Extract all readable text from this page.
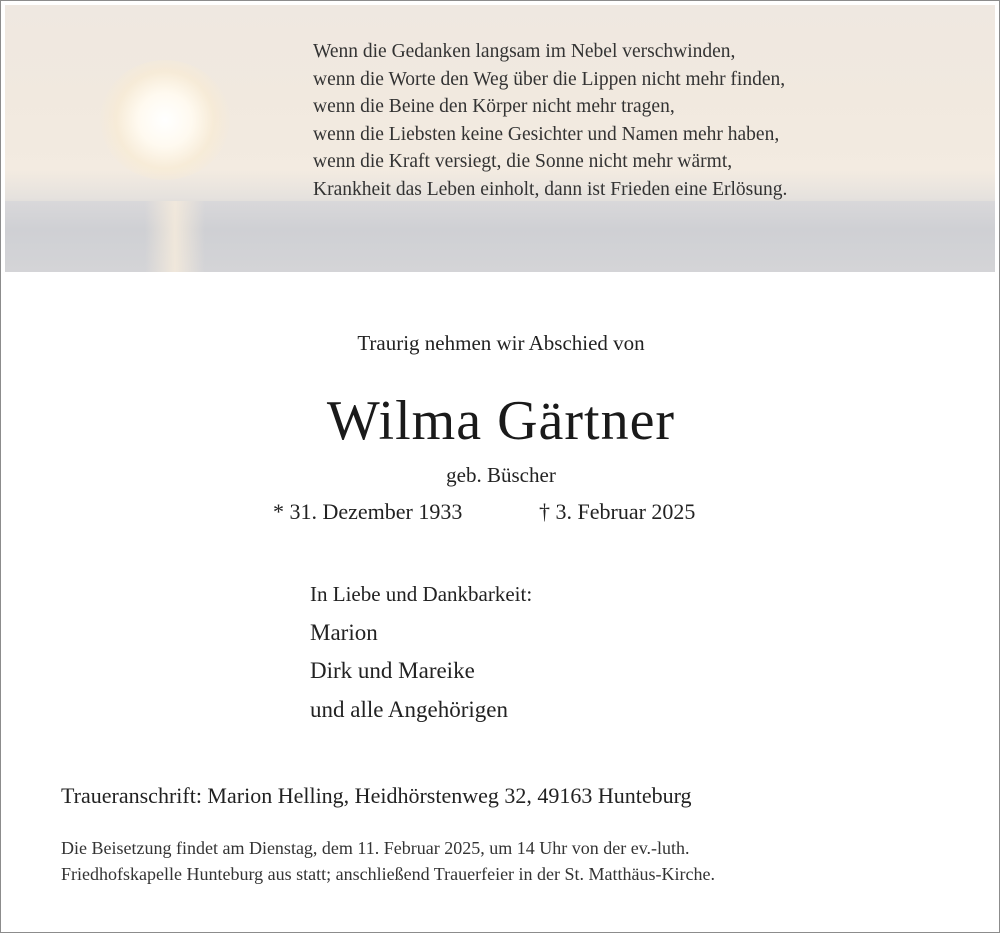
Wenn die Gedanken langsam im Nebel verschwinden,
wenn die Worte den Weg über die Lippen nicht mehr finden,
wenn die Beine den Körper nicht mehr tragen,
wenn die Liebsten keine Gesichter und Namen mehr haben,
wenn die Kraft versiegt, die Sonne nicht mehr wärmt,
Krankheit das Leben einholt, dann ist Frieden eine Erlösung.
Traurig nehmen wir Abschied von
Wilma Gärtner
geb. Büscher
* 31. Dezember 1933	† 3. Februar 2025
In Liebe und Dankbarkeit:
Marion
Dirk und Mareike
und alle Angehörigen
Traueranschrift: Marion Helling, Heidhörstenweg 32, 49163 Hunteburg
Die Beisetzung findet am Dienstag, dem 11. Februar 2025, um 14 Uhr von der ev.-luth.
Friedhofskapelle Hunteburg aus statt; anschließend Trauerfeier in der St. Matthäus-Kirche.
